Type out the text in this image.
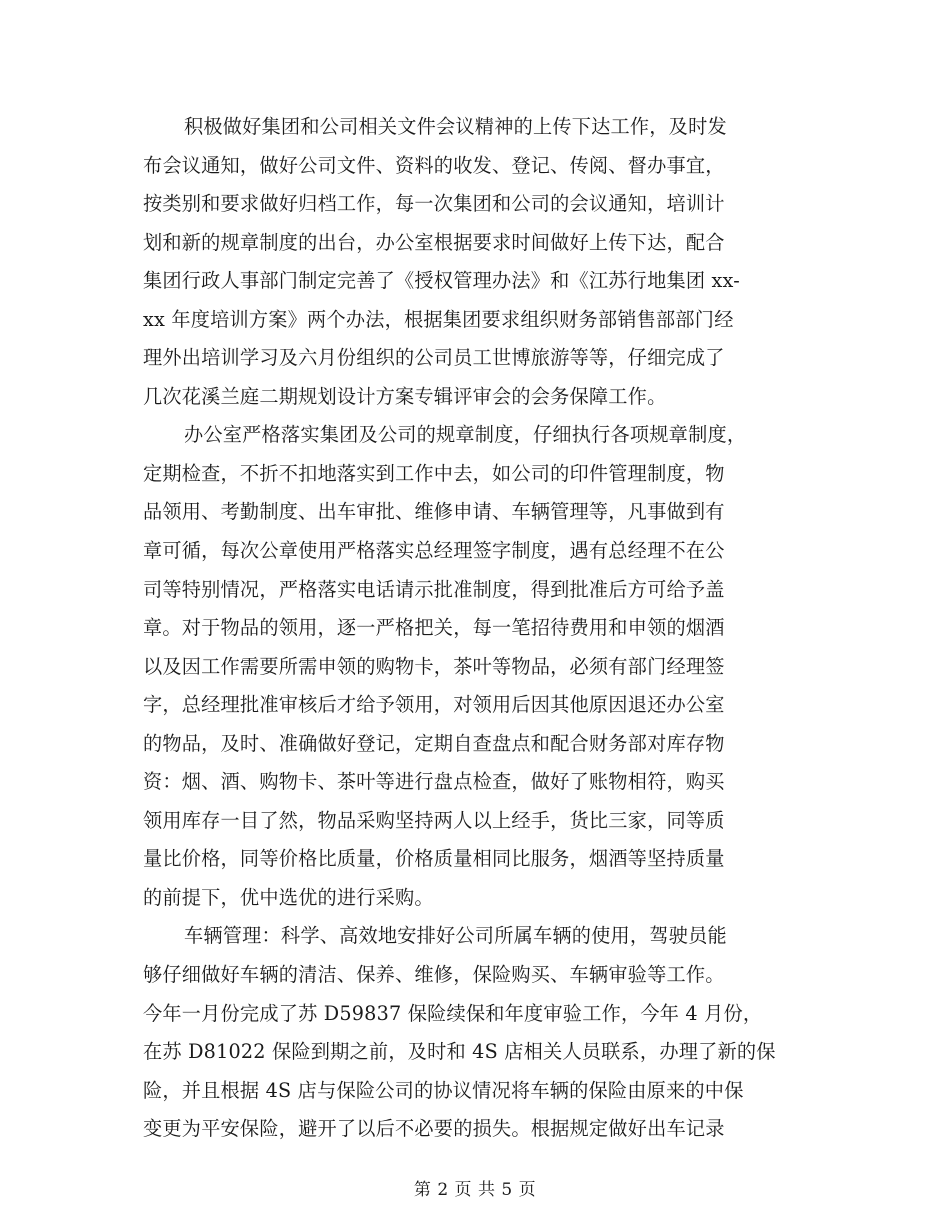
积极做好集团和公司相关文件会议精神的上传下达工作，及时发
布会议通知，做好公司文件、资料的收发、登记、传阅、督办事宜，
按类别和要求做好归档工作，每一次集团和公司的会议通知，培训计
划和新的规章制度的出台，办公室根据要求时间做好上传下达，配合
集团行政人事部门制定完善了《授权管理办法》和《江苏行地集团 xx-
xx 年度培训方案》两个办法，根据集团要求组织财务部销售部部门经
理外出培训学习及六月份组织的公司员工世博旅游等等，仔细完成了
几次花溪兰庭二期规划设计方案专辑评审会的会务保障工作。
办公室严格落实集团及公司的规章制度，仔细执行各项规章制度，
定期检查，不折不扣地落实到工作中去，如公司的印件管理制度，物
品领用、考勤制度、出车审批、维修申请、车辆管理等，凡事做到有
章可循，每次公章使用严格落实总经理签字制度，遇有总经理不在公
司等特别情况，严格落实电话请示批准制度，得到批准后方可给予盖
章。对于物品的领用，逐一严格把关，每一笔招待费用和申领的烟酒
以及因工作需要所需申领的购物卡，茶叶等物品，必须有部门经理签
字，总经理批准审核后才给予领用，对领用后因其他原因退还办公室
的物品，及时、准确做好登记，定期自查盘点和配合财务部对库存物
资：烟、酒、购物卡、茶叶等进行盘点检查，做好了账物相符，购买
领用库存一目了然，物品采购坚持两人以上经手，货比三家，同等质
量比价格，同等价格比质量，价格质量相同比服务，烟酒等坚持质量
的前提下，优中选优的进行采购。
车辆管理：科学、高效地安排好公司所属车辆的使用，驾驶员能
够仔细做好车辆的清洁、保养、维修，保险购买、车辆审验等工作。
今年一月份完成了苏 D59837 保险续保和年度审验工作，今年 4 月份，
在苏 D81022 保险到期之前，及时和 4S 店相关人员联系，办理了新的保
险，并且根据 4S 店与保险公司的协议情况将车辆的保险由原来的中保
变更为平安保险，避开了以后不必要的损失。根据规定做好出车记录
第 2 页 共 5 页
